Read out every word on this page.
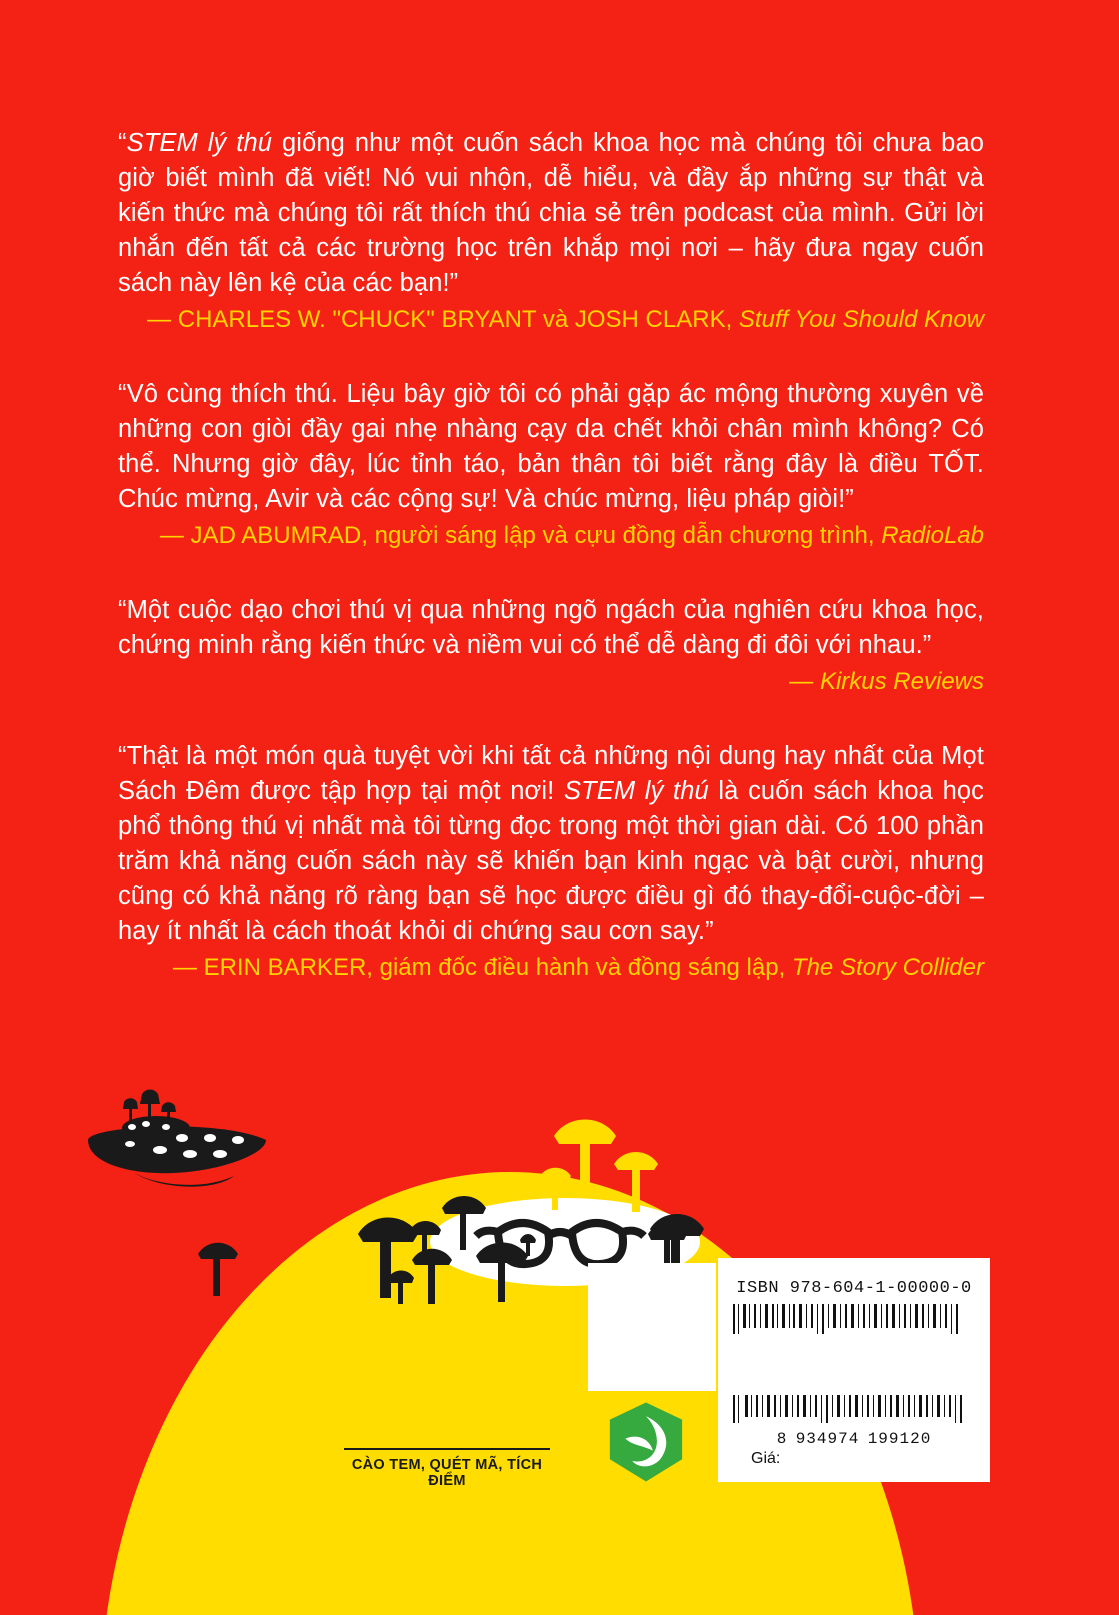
“STEM lý thú giống như một cuốn sách khoa học mà chúng tôi chưa bao giờ biết mình đã viết! Nó vui nhộn, dễ hiểu, và đầy ắp những sự thật và kiến thức mà chúng tôi rất thích thú chia sẻ trên podcast của mình. Gửi lời nhắn đến tất cả các trường học trên khắp mọi nơi – hãy đưa ngay cuốn sách này lên kệ của các bạn!”
— CHARLES W. "CHUCK" BRYANT và JOSH CLARK, Stuff You Should Know
“Vô cùng thích thú. Liệu bây giờ tôi có phải gặp ác mộng thường xuyên về những con giòi đầy gai nhẹ nhàng cạy da chết khỏi chân mình không? Có thể. Nhưng giờ đây, lúc tỉnh táo, bản thân tôi biết rằng đây là điều TỐT. Chúc mừng, Avir và các cộng sự! Và chúc mừng, liệu pháp giòi!”
— JAD ABUMRAD, người sáng lập và cựu đồng dẫn chương trình, RadioLab
“Một cuộc dạo chơi thú vị qua những ngõ ngách của nghiên cứu khoa học, chứng minh rằng kiến thức và niềm vui có thể dễ dàng đi đôi với nhau.”
— Kirkus Reviews
“Thật là một món quà tuyệt vời khi tất cả những nội dung hay nhất của Mọt Sách Đêm được tập hợp tại một nơi! STEM lý thú là cuốn sách khoa học phổ thông thú vị nhất mà tôi từng đọc trong một thời gian dài. Có 100 phần trăm khả năng cuốn sách này sẽ khiến bạn kinh ngạc và bật cười, nhưng cũng có khả năng rõ ràng bạn sẽ học được điều gì đó thay-đổi-cuộc-đời – hay ít nhất là cách thoát khỏi di chứng sau cơn say.”
— ERIN BARKER, giám đốc điều hành và đồng sáng lập, The Story Collider
ISBN 978-604-1-00000-0

8  934974  199120
Giá:
CÀO TEM, QUÉT MÃ, TÍCH ĐIỂM
